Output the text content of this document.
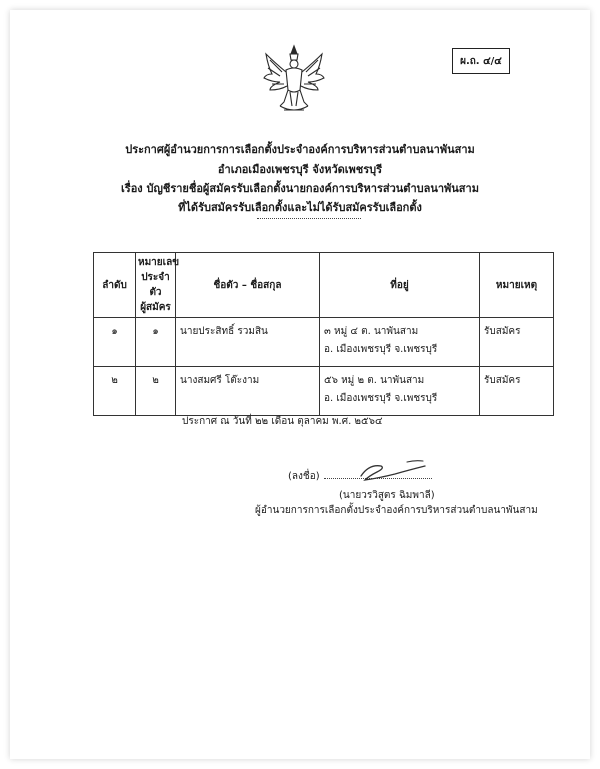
ผ.ถ. ๔/๔
ประกาศผู้อำนวยการการเลือกตั้งประจำองค์การบริหารส่วนตำบลนาพันสาม
อำเภอเมืองเพชรบุรี จังหวัดเพชรบุรี
เรื่อง บัญชีรายชื่อผู้สมัครรับเลือกตั้งนายกองค์การบริหารส่วนตำบลนาพันสาม
ที่ได้รับสมัครรับเลือกตั้งและไม่ได้รับสมัครรับเลือกตั้ง
ลำดับ	หมายเลข
ประจำตัว
ผู้สมัคร	ชื่อตัว – ชื่อสกุล	ที่อยู่	หมายเหตุ
๑	๑	นายประสิทธิ์ รวมสิน	๓ หมู่ ๔ ต. นาพันสาม
อ. เมืองเพชรบุรี จ.เพชรบุรี	รับสมัคร
๒	๒	นางสมศรี โต๊ะงาม	๕๖ หมู่ ๒ ต. นาพันสาม
อ. เมืองเพชรบุรี จ.เพชรบุรี	รับสมัคร
ประกาศ ณ วันที่ ๒๒ เดือน ตุลาคม พ.ศ. ๒๕๖๔
(ลงชื่อ)
(นายวรวิสูตร ฉิมพาลี)
ผู้อำนวยการการเลือกตั้งประจำองค์การบริหารส่วนตำบลนาพันสาม
